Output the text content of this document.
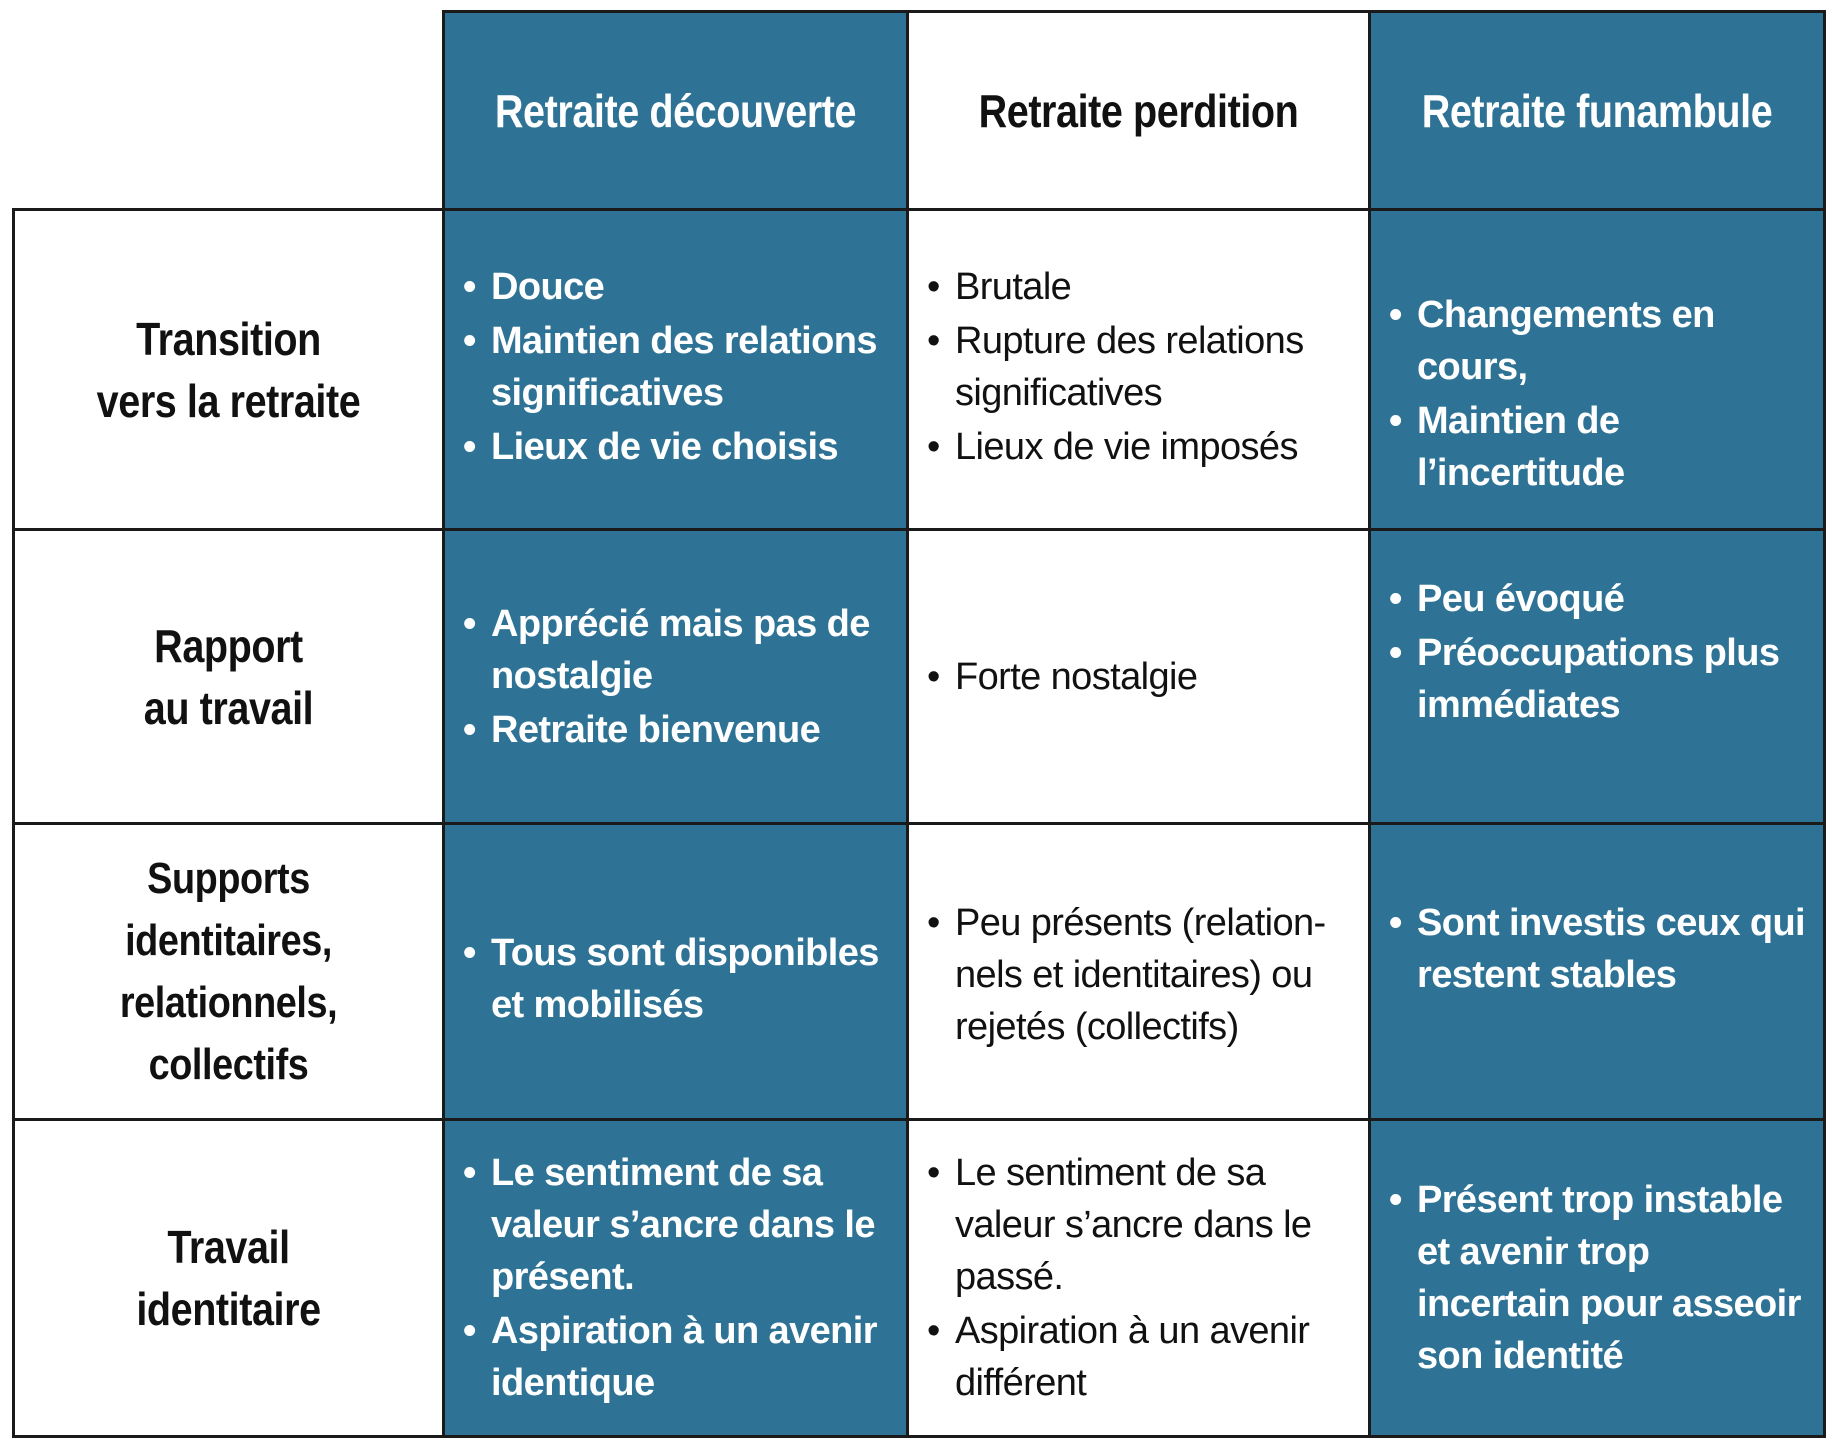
Retraite découverte	Retraite perdition	Retraite funambule
Transition
vers la retraite
• Douce
• Maintien des relations significatives
• Lieux de vie choisis
• Brutale
• Rupture des relations significatives
• Lieux de vie imposés
• Changements en cours,
• Maintien de l’incertitude
Rapport
au travail
• Apprécié mais pas de nostalgie
• Retraite bienvenue
• Forte nostalgie
• Peu évoqué
• Préoccupations plus immédiates
Supports identitaires,
relationnels, collectifs
• Tous sont disponibles et mobilisés
• Peu présents (relation-nels et identitaires) ou rejetés (collectifs)
• Sont investis ceux qui restent stables
Travail
identitaire
• Le sentiment de sa valeur s’ancre dans le présent.
• Aspiration à un avenir identique
• Le sentiment de sa valeur s’ancre dans le passé.
• Aspiration à un avenir différent
• Présent trop instable et avenir trop incertain pour asseoir son identité
